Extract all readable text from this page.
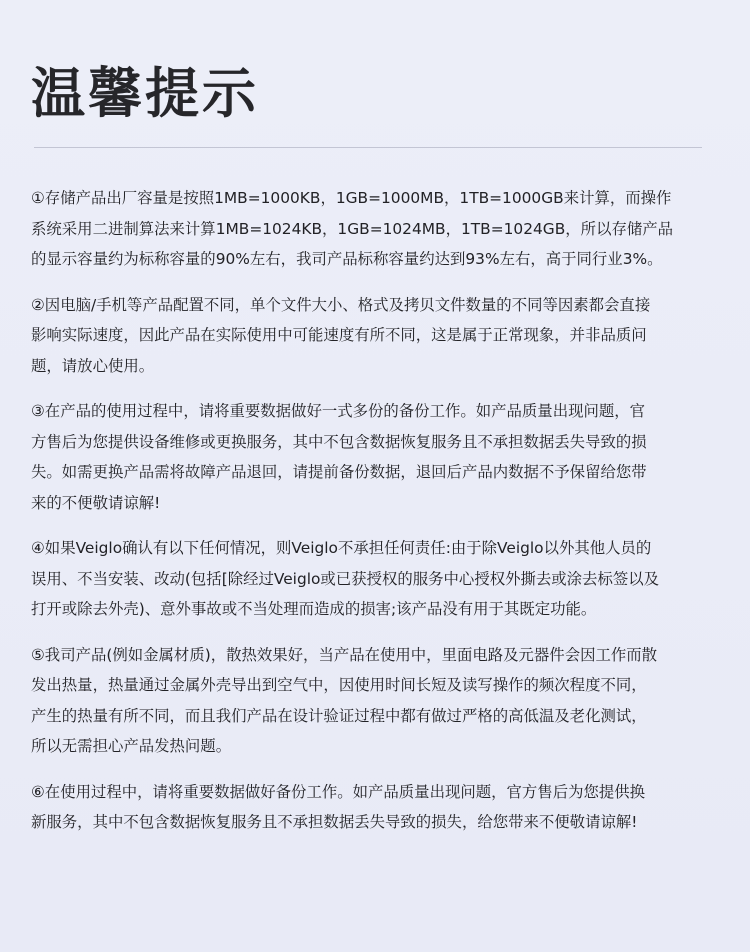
温馨提示

①存储产品出厂容量是按照1MB=1000KB，1GB=1000MB，1TB=1000GB来计算，而操作
系统采用二进制算法来计算1MB=1024KB，1GB=1024MB，1TB=1024GB，所以存储产品
的显示容量约为标称容量的90%左右，我司产品标称容量约达到93%左右，高于同行业3%。

②因电脑/手机等产品配置不同，单个文件大小、格式及拷贝文件数量的不同等因素都会直接
影响实际速度，因此产品在实际使用中可能速度有所不同，这是属于正常现象，并非品质问
题，请放心使用。

③在产品的使用过程中，请将重要数据做好一式多份的备份工作。如产品质量出现问题，官
方售后为您提供设备维修或更换服务，其中不包含数据恢复服务且不承担数据丢失导致的损
失。如需更换产品需将故障产品退回，请提前备份数据，退回后产品内数据不予保留给您带
来的不便敬请谅解!

④如果Veiglo确认有以下任何情况，则Veiglo不承担任何责任:由于除Veiglo以外其他人员的
误用、不当安装、改动(包括[除经过Veiglo或已获授权的服务中心授权外撕去或涂去标签以及
打开或除去外壳)、意外事故或不当处理而造成的损害;该产品没有用于其既定功能。

⑤我司产品(例如金属材质)，散热效果好，当产品在使用中，里面电路及元器件会因工作而散
发出热量，热量通过金属外壳导出到空气中，因使用时间长短及读写操作的频次程度不同，
产生的热量有所不同，而且我们产品在设计验证过程中都有做过严格的高低温及老化测试，
所以无需担心产品发热问题。

⑥在使用过程中，请将重要数据做好备份工作。如产品质量出现问题，官方售后为您提供换
新服务，其中不包含数据恢复服务且不承担数据丢失导致的损失，给您带来不便敬请谅解!
